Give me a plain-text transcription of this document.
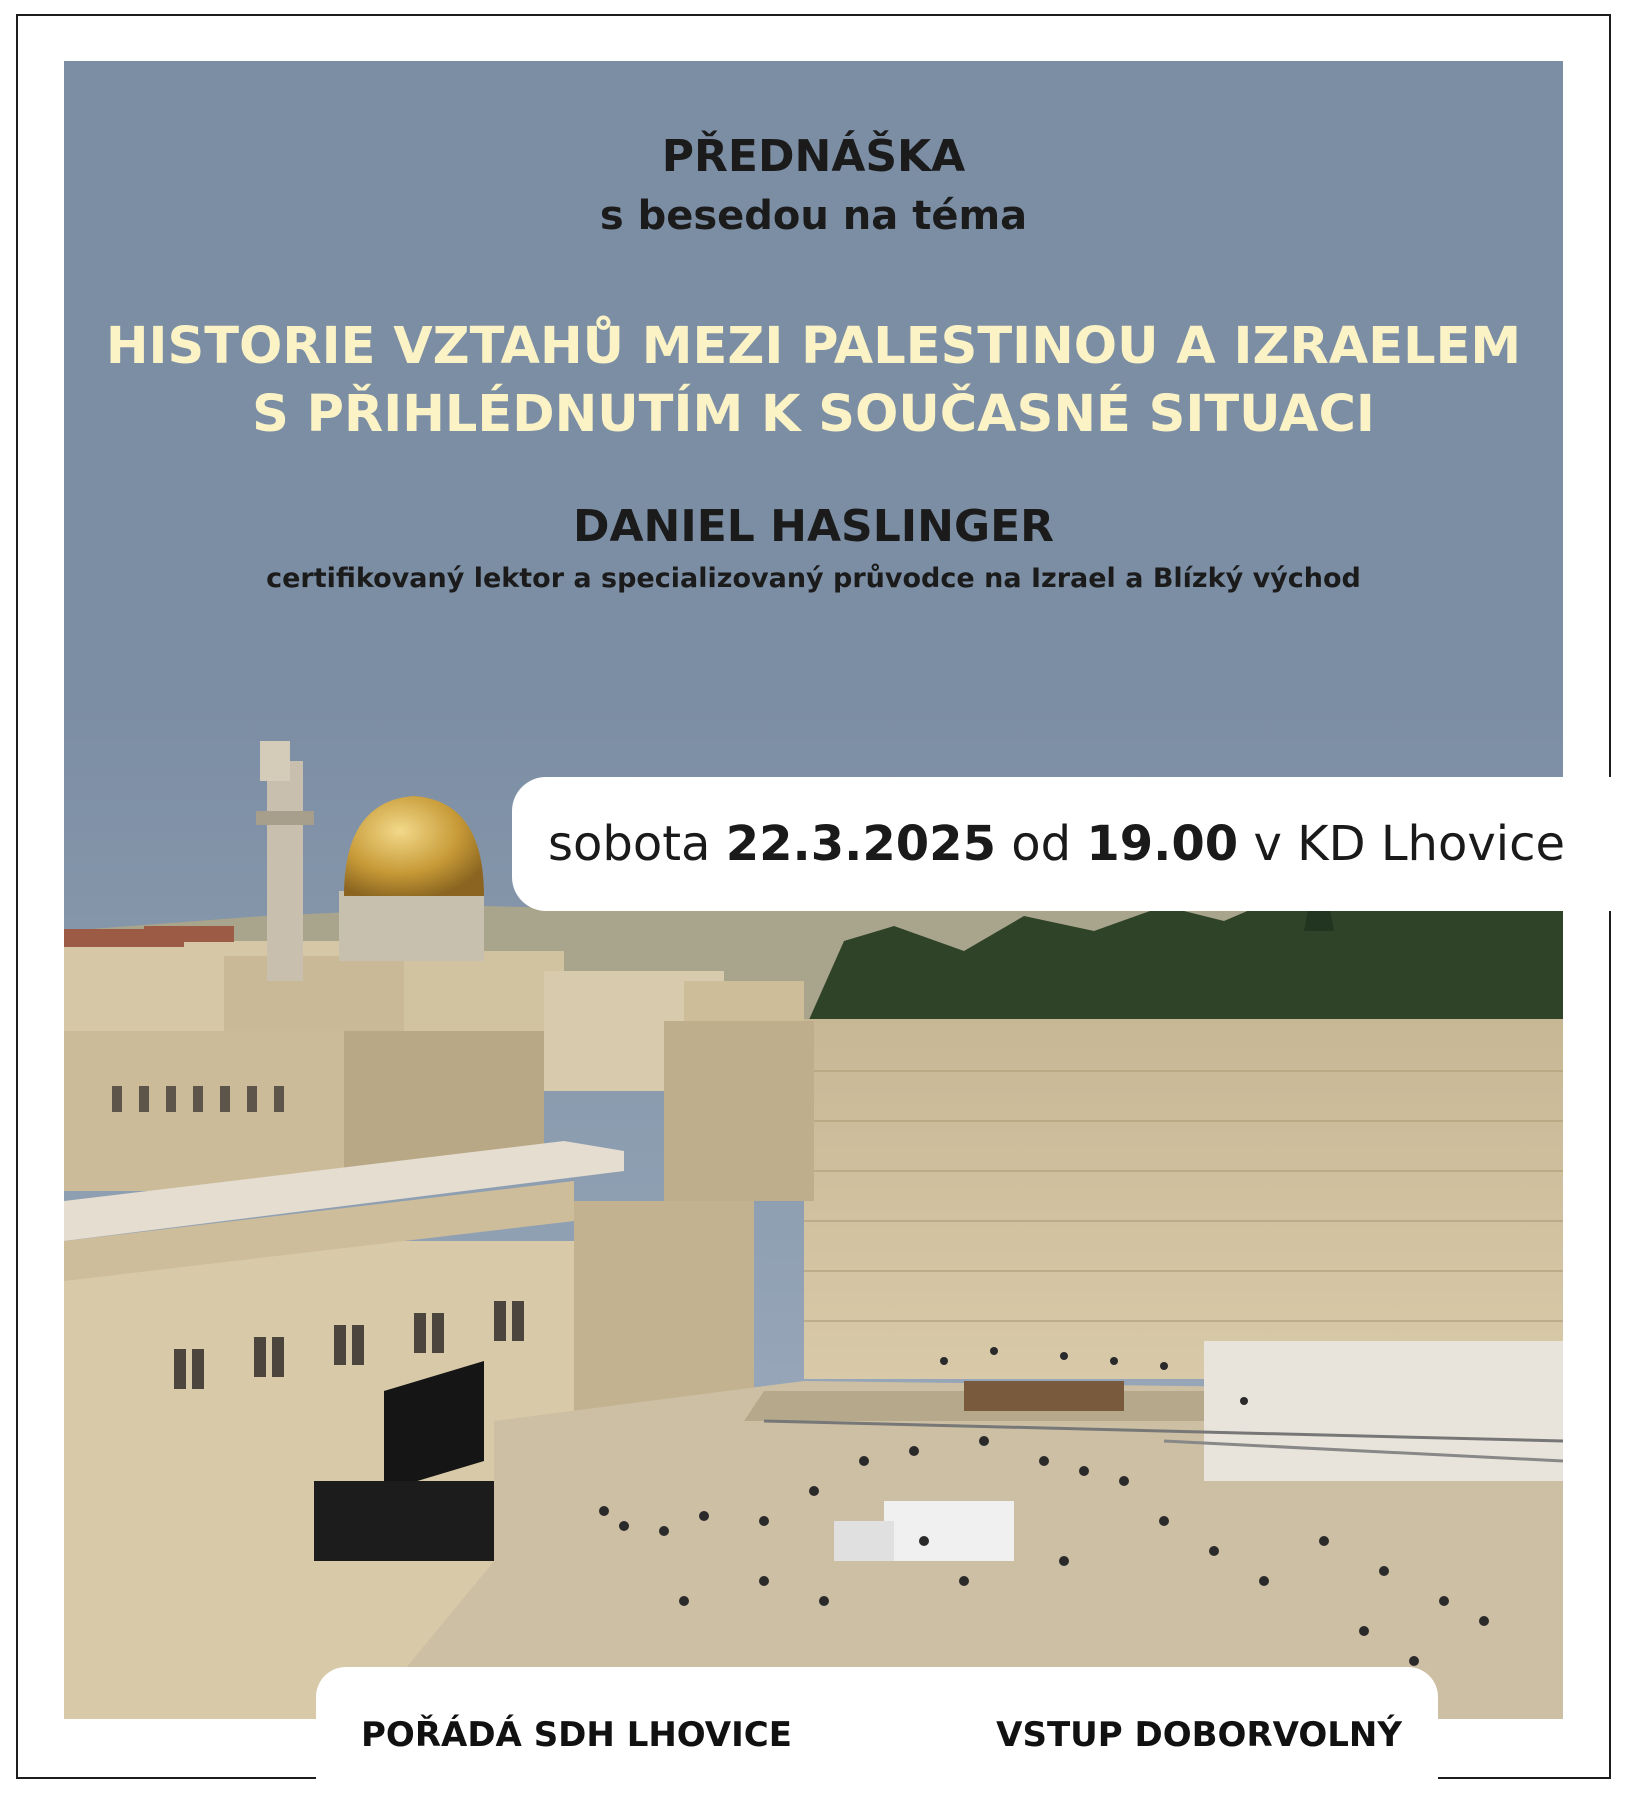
PŘEDNÁŠKA
s besedou na téma
HISTORIE VZTAHŮ MEZI PALESTINOU A IZRAELEM
S PŘIHLÉDNUTÍM K SOUČASNÉ SITUACI
DANIEL HASLINGER
certifikovaný lektor a specializovaný průvodce na Izrael a Blízký východ
sobota 22.3.2025 od 19.00 v KD Lhovice
POŘÁDÁ SDH LHOVICE	VSTUP DOBORVOLNÝ
